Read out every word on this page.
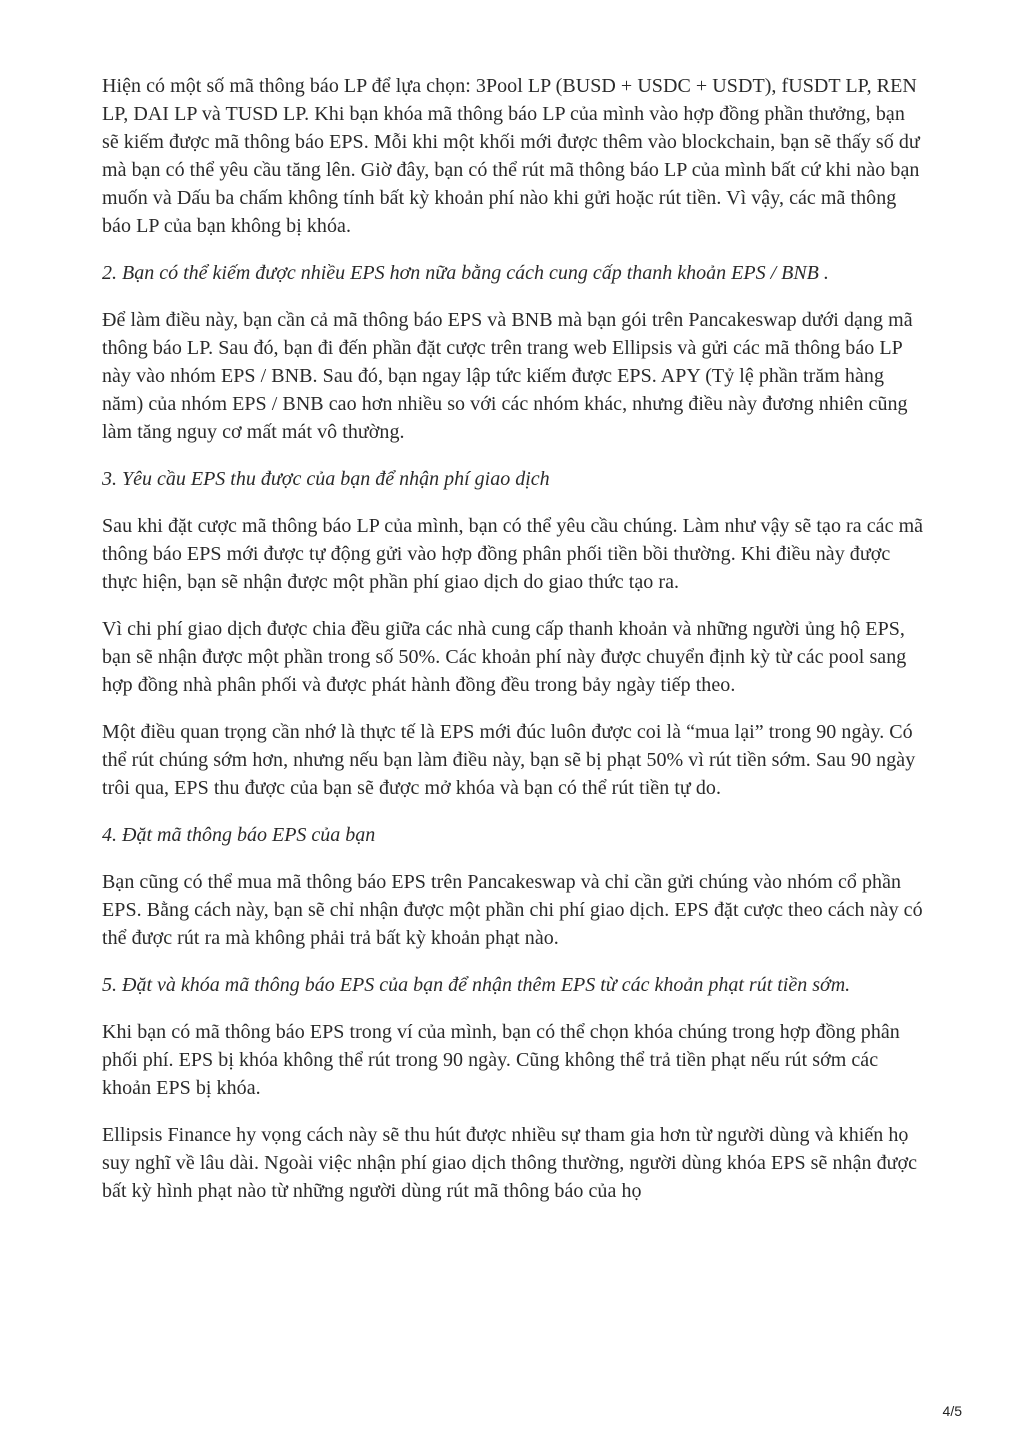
Hiện có một số mã thông báo LP để lựa chọn: 3Pool LP (BUSD + USDC + USDT), fUSDT LP, REN LP, DAI LP và TUSD LP. Khi bạn khóa mã thông báo LP của mình vào hợp đồng phần thưởng, bạn sẽ kiếm được mã thông báo EPS. Mỗi khi một khối mới được thêm vào blockchain, bạn sẽ thấy số dư mà bạn có thể yêu cầu tăng lên. Giờ đây, bạn có thể rút mã thông báo LP của mình bất cứ khi nào bạn muốn và Dấu ba chấm không tính bất kỳ khoản phí nào khi gửi hoặc rút tiền. Vì vậy, các mã thông báo LP của bạn không bị khóa.

2. Bạn có thể kiếm được nhiều EPS hơn nữa bằng cách cung cấp thanh khoản EPS / BNB .

Để làm điều này, bạn cần cả mã thông báo EPS và BNB mà bạn gói trên Pancakeswap dưới dạng mã thông báo LP. Sau đó, bạn đi đến phần đặt cược trên trang web Ellipsis và gửi các mã thông báo LP này vào nhóm EPS / BNB. Sau đó, bạn ngay lập tức kiếm được EPS. APY (Tỷ lệ phần trăm hàng năm) của nhóm EPS / BNB cao hơn nhiều so với các nhóm khác, nhưng điều này đương nhiên cũng làm tăng nguy cơ mất mát vô thường.

3. Yêu cầu EPS thu được của bạn để nhận phí giao dịch

Sau khi đặt cược mã thông báo LP của mình, bạn có thể yêu cầu chúng. Làm như vậy sẽ tạo ra các mã thông báo EPS mới được tự động gửi vào hợp đồng phân phối tiền bồi thường. Khi điều này được thực hiện, bạn sẽ nhận được một phần phí giao dịch do giao thức tạo ra.

Vì chi phí giao dịch được chia đều giữa các nhà cung cấp thanh khoản và những người ủng hộ EPS, bạn sẽ nhận được một phần trong số 50%. Các khoản phí này được chuyển định kỳ từ các pool sang hợp đồng nhà phân phối và được phát hành đồng đều trong bảy ngày tiếp theo.

Một điều quan trọng cần nhớ là thực tế là EPS mới đúc luôn được coi là “mua lại” trong 90 ngày. Có thể rút chúng sớm hơn, nhưng nếu bạn làm điều này, bạn sẽ bị phạt 50% vì rút tiền sớm. Sau 90 ngày trôi qua, EPS thu được của bạn sẽ được mở khóa và bạn có thể rút tiền tự do.

4. Đặt mã thông báo EPS của bạn

Bạn cũng có thể mua mã thông báo EPS trên Pancakeswap và chỉ cần gửi chúng vào nhóm cổ phần EPS. Bằng cách này, bạn sẽ chỉ nhận được một phần chi phí giao dịch. EPS đặt cược theo cách này có thể được rút ra mà không phải trả bất kỳ khoản phạt nào.

5. Đặt và khóa mã thông báo EPS của bạn để nhận thêm EPS từ các khoản phạt rút tiền sớm.

Khi bạn có mã thông báo EPS trong ví của mình, bạn có thể chọn khóa chúng trong hợp đồng phân phối phí. EPS bị khóa không thể rút trong 90 ngày. Cũng không thể trả tiền phạt nếu rút sớm các khoản EPS bị khóa.

Ellipsis Finance hy vọng cách này sẽ thu hút được nhiều sự tham gia hơn từ người dùng và khiến họ suy nghĩ về lâu dài. Ngoài việc nhận phí giao dịch thông thường, người dùng khóa EPS sẽ nhận được bất kỳ hình phạt nào từ những người dùng rút mã thông báo của họ

4/5
